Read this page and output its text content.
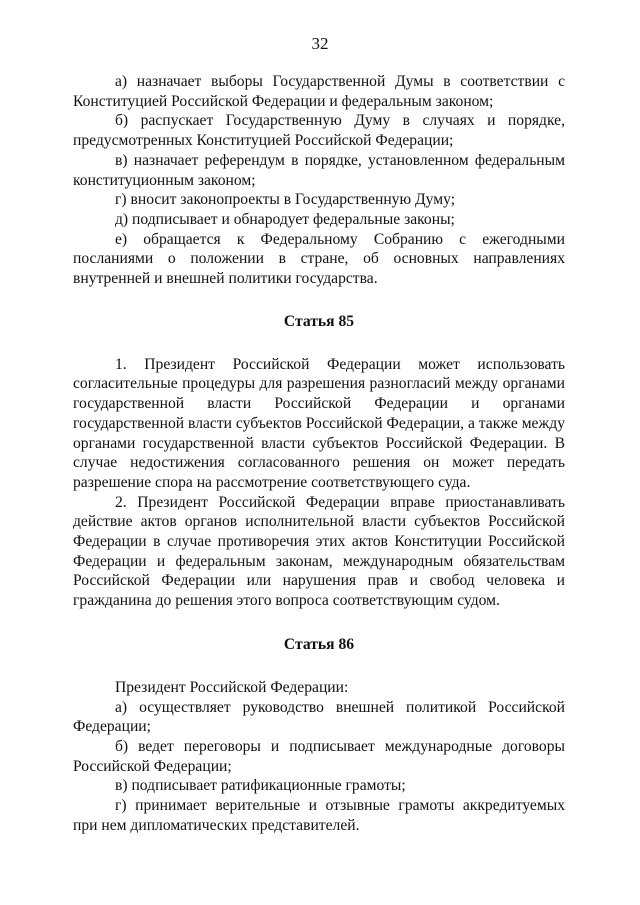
32

а) назначает выборы Государственной Думы в соответствии с Конституцией Российской Федерации и федеральным законом;

б) распускает Государственную Думу в случаях и порядке, предусмотренных Конституцией Российской Федерации;

в) назначает референдум в порядке, установленном федеральным конституционным законом;

г) вносит законопроекты в Государственную Думу;

д) подписывает и обнародует федеральные законы;

е) обращается к Федеральному Собранию с ежегодными посланиями о положении в стране, об основных направлениях внутренней и внешней политики государства.

Статья 85

1. Президент Российской Федерации может использовать согласительные процедуры для разрешения разногласий между органами государственной власти Российской Федерации и органами государственной власти субъектов Российской Федерации, а также между органами государственной власти субъектов Российской Федерации. В случае недостижения согласованного решения он может передать разрешение спора на рассмотрение соответствующего суда.

2. Президент Российской Федерации вправе приостанавливать действие актов органов исполнительной власти субъектов Российской Федерации в случае противоречия этих актов Конституции Российской Федерации и федеральным законам, международным обязательствам Российской Федерации или нарушения прав и свобод человека и гражданина до решения этого вопроса соответствующим судом.

Статья 86

Президент Российской Федерации:

а) осуществляет руководство внешней политикой Российской Федерации;

б) ведет переговоры и подписывает международные договоры Российской Федерации;

в) подписывает ратификационные грамоты;

г) принимает верительные и отзывные грамоты аккредитуемых при нем дипломатических представителей.
